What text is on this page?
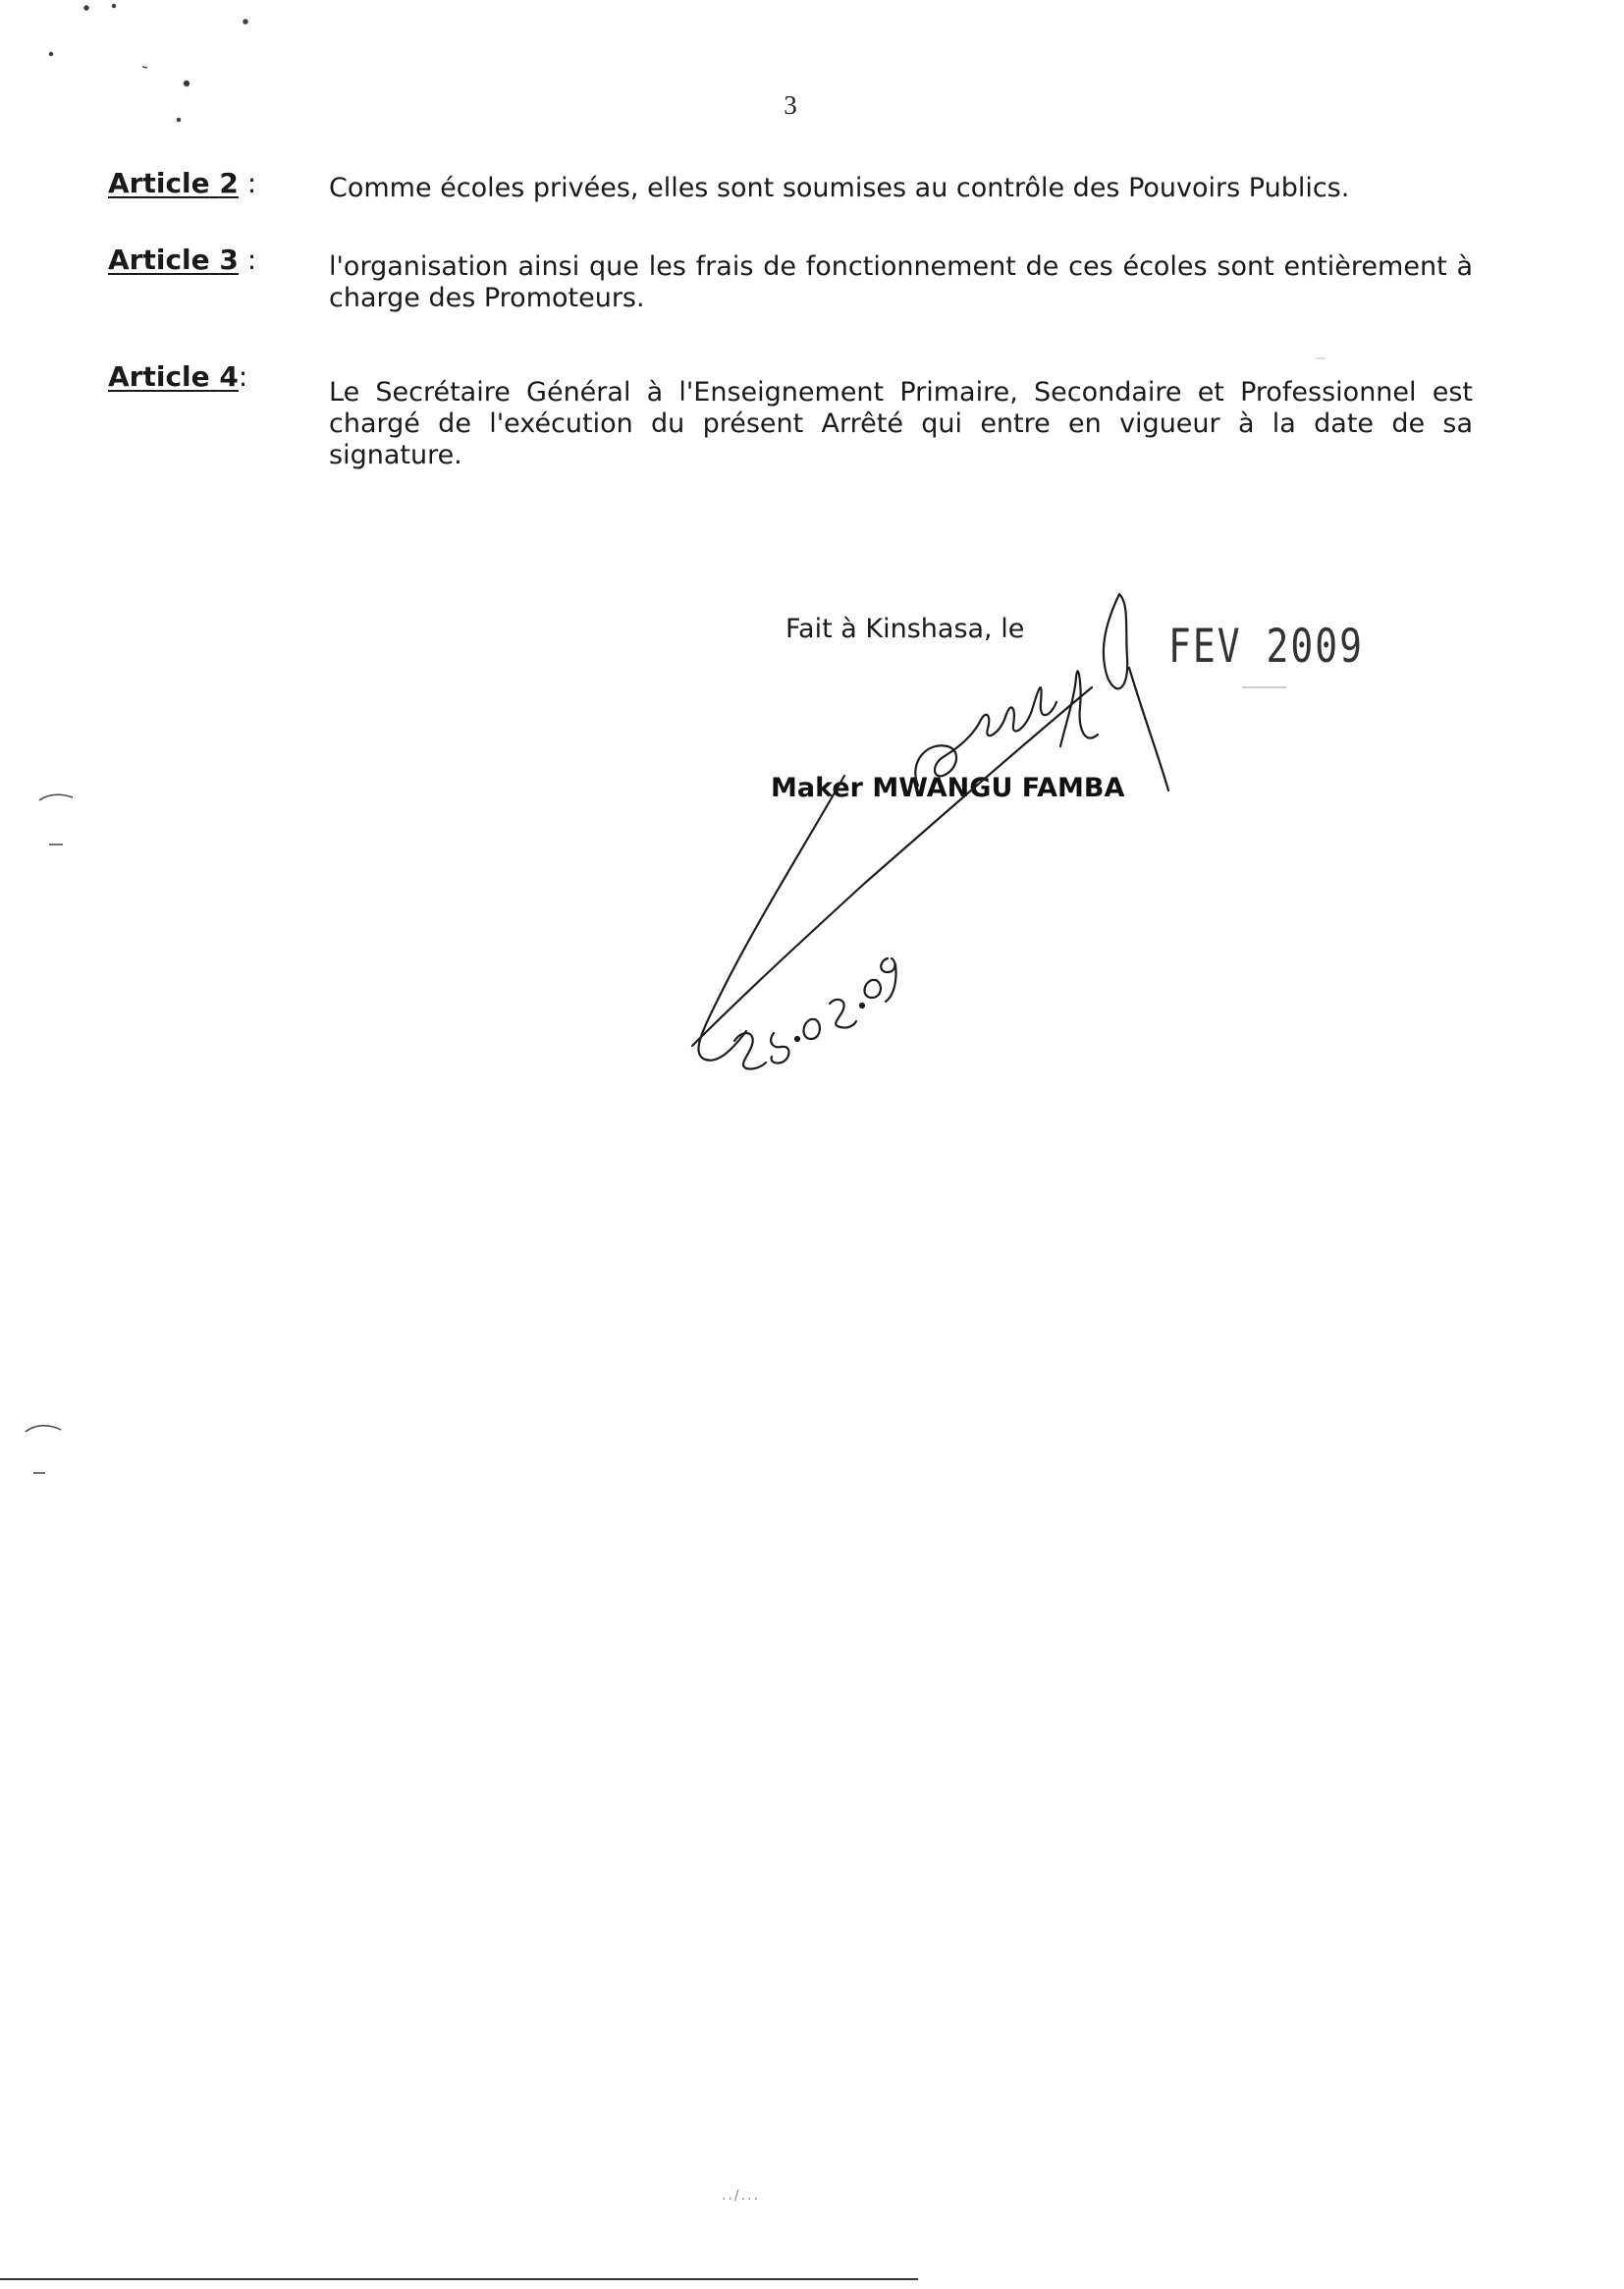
3
Article 2 :	Comme écoles privées, elles sont soumises au contrôle des Pouvoirs Publics.
Article 3 :	l'organisation ainsi que les frais de fonctionnement de ces écoles sont entièrement à charge des Promoteurs.
Article 4:	Le Secrétaire Général à l'Enseignement Primaire, Secondaire et Professionnel est chargé de l'exécution du présent Arrêté qui entre en vigueur à la date de sa signature.
Fait à Kinshasa, le	FEV 2009
Maker MWANGU FAMBA
../...
